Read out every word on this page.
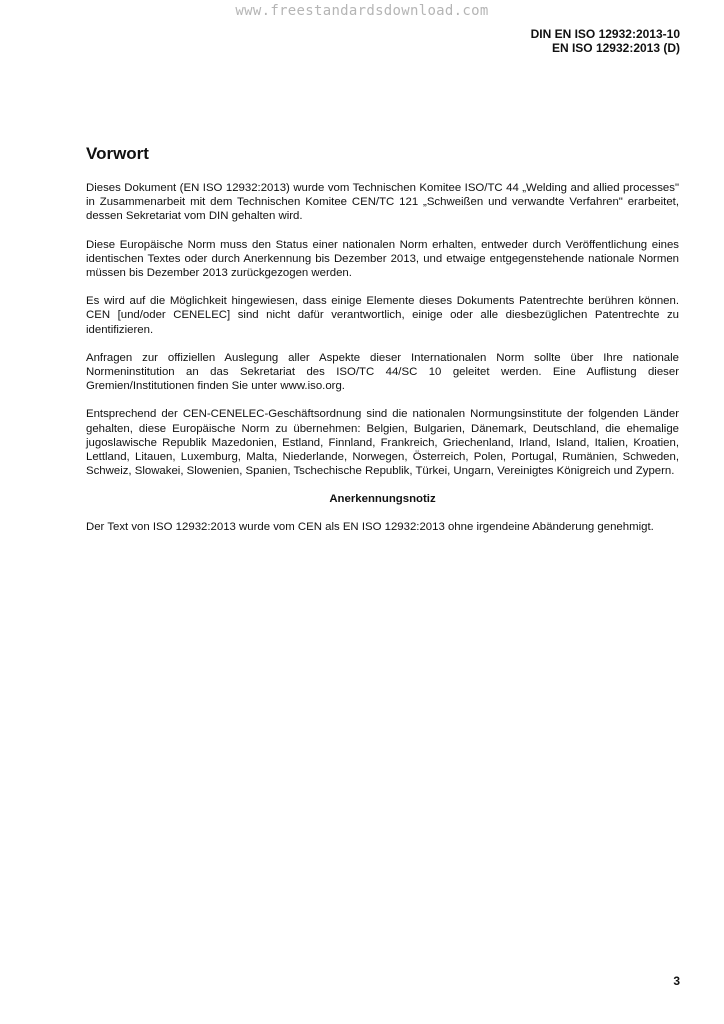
www.freestandardsdownload.com
DIN EN ISO 12932:2013-10
EN ISO 12932:2013 (D)
Vorwort

Dieses Dokument (EN ISO 12932:2013) wurde vom Technischen Komitee ISO/TC 44 „Welding and allied processes" in Zusammenarbeit mit dem Technischen Komitee CEN/TC 121 „Schweißen und verwandte Verfahren" erarbeitet, dessen Sekretariat vom DIN gehalten wird.

Diese Europäische Norm muss den Status einer nationalen Norm erhalten, entweder durch Veröffentlichung eines identischen Textes oder durch Anerkennung bis Dezember 2013, und etwaige entgegenstehende nationale Normen müssen bis Dezember 2013 zurückgezogen werden.

Es wird auf die Möglichkeit hingewiesen, dass einige Elemente dieses Dokuments Patentrechte berühren können. CEN [und/oder CENELEC] sind nicht dafür verantwortlich, einige oder alle diesbezüglichen Patentrechte zu identifizieren.

Anfragen zur offiziellen Auslegung aller Aspekte dieser Internationalen Norm sollte über Ihre nationale Normeninstitution an das Sekretariat des ISO/TC 44/SC 10 geleitet werden. Eine Auflistung dieser Gremien/Institutionen finden Sie unter www.iso.org.

Entsprechend der CEN-CENELEC-Geschäftsordnung sind die nationalen Normungsinstitute der folgenden Länder gehalten, diese Europäische Norm zu übernehmen: Belgien, Bulgarien, Dänemark, Deutschland, die ehemalige jugoslawische Republik Mazedonien, Estland, Finnland, Frankreich, Griechenland, Irland, Island, Italien, Kroatien, Lettland, Litauen, Luxemburg, Malta, Niederlande, Norwegen, Österreich, Polen, Portugal, Rumänien, Schweden, Schweiz, Slowakei, Slowenien, Spanien, Tschechische Republik, Türkei, Ungarn, Vereinigtes Königreich und Zypern.

Anerkennungsnotiz

Der Text von ISO 12932:2013 wurde vom CEN als EN ISO 12932:2013 ohne irgendeine Abänderung genehmigt.

3
